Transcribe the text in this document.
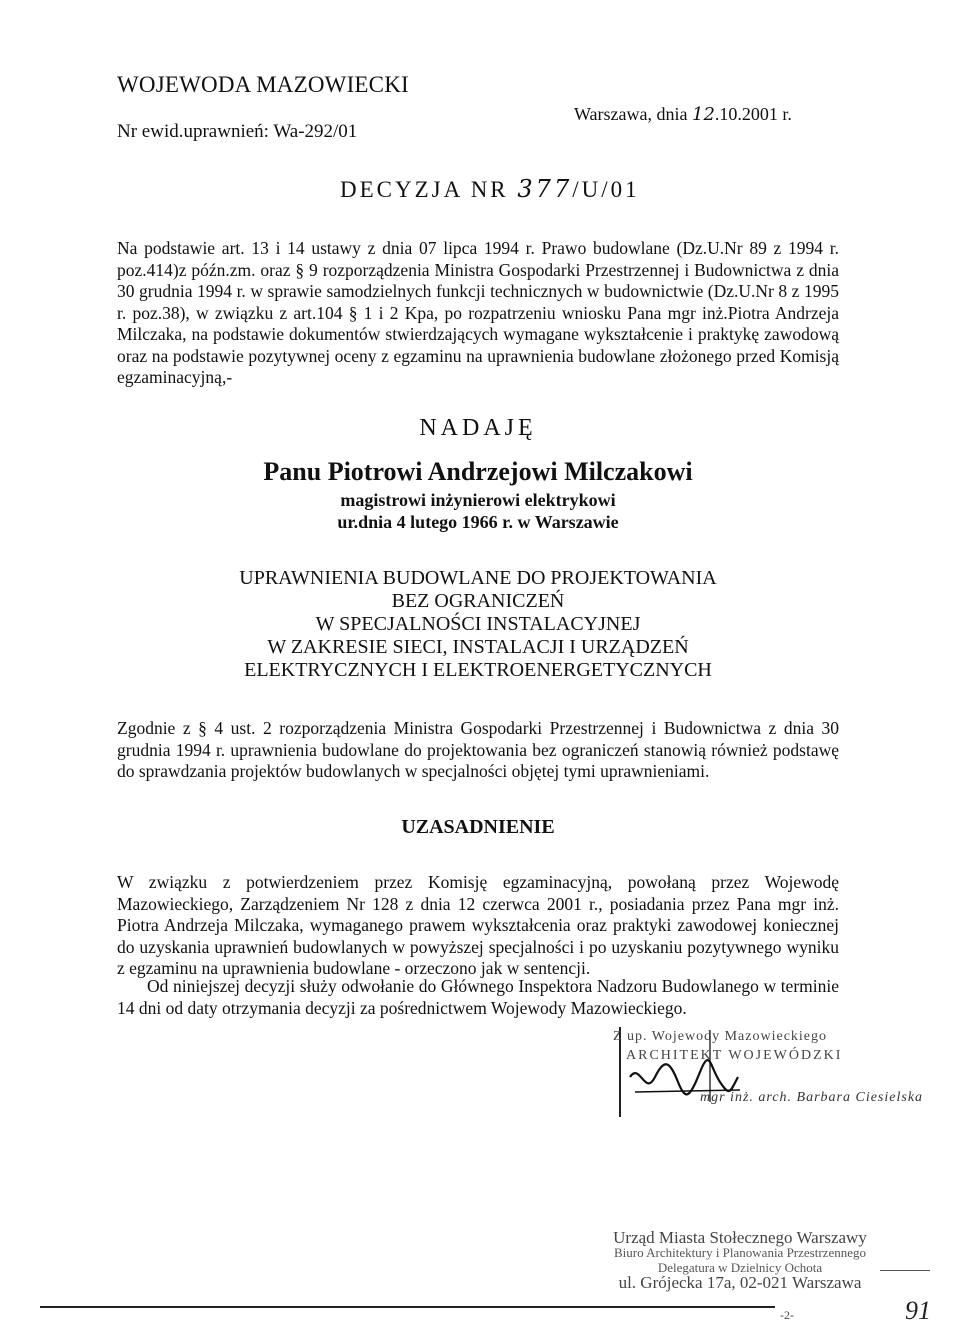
WOJEWODA MAZOWIECKI
Nr ewid.uprawnień: Wa-292/01
Warszawa, dnia 12.10.2001 r.
DECYZJA NR 377/U/01
Na podstawie art. 13 i 14 ustawy z dnia 07 lipca 1994 r. Prawo budowlane (Dz.U.Nr 89 z 1994 r. poz.414)z późn.zm. oraz § 9 rozporządzenia Ministra Gospodarki Przestrzennej i Budownictwa z dnia 30 grudnia 1994 r. w sprawie samodzielnych funkcji technicznych w budownictwie (Dz.U.Nr 8 z 1995 r. poz.38), w związku z art.104 § 1 i 2 Kpa, po rozpatrzeniu wniosku Pana mgr inż.Piotra Andrzeja Milczaka, na podstawie dokumentów stwierdzających wymagane wykształcenie i praktykę zawodową oraz na podstawie pozytywnej oceny z egzaminu na uprawnienia budowlane złożonego przed Komisją egzaminacyjną,-
NADAJĘ
Panu Piotrowi Andrzejowi Milczakowi
magistrowi inżynierowi elektrykowi
ur.dnia 4 lutego 1966 r. w Warszawie
UPRAWNIENIA BUDOWLANE DO PROJEKTOWANIA
BEZ OGRANICZEŃ
W SPECJALNOŚCI INSTALACYJNEJ
W ZAKRESIE SIECI, INSTALACJI I URZĄDZEŃ
ELEKTRYCZNYCH I ELEKTROENERGETYCZNYCH
Zgodnie z § 4 ust. 2 rozporządzenia Ministra Gospodarki Przestrzennej i Budownictwa z dnia 30 grudnia 1994 r. uprawnienia budowlane do projektowania bez ograniczeń stanowią również podstawę do sprawdzania projektów budowlanych w specjalności objętej tymi uprawnieniami.
UZASADNIENIE
W związku z potwierdzeniem przez Komisję egzaminacyjną, powołaną przez Wojewodę Mazowieckiego, Zarządzeniem Nr 128 z dnia 12 czerwca 2001 r., posiadania przez Pana mgr inż. Piotra Andrzeja Milczaka, wymaganego prawem wykształcenia oraz praktyki zawodowej koniecznej do uzyskania uprawnień budowlanych w powyższej specjalności i po uzyskaniu pozytywnego wyniku z egzaminu na uprawnienia budowlane - orzeczono jak w sentencji.
Od niniejszej decyzji służy odwołanie do Głównego Inspektora Nadzoru Budowlanego w terminie 14 dni od daty otrzymania decyzji za pośrednictwem Wojewody Mazowieckiego.
Z up. Wojewody Mazowieckiego
ARCHITEKT WOJEWÓDZKI
mgr inż. arch. Barbara Ciesielska
Urząd Miasta Stołecznego Warszawy
Biuro Architektury i Planowania Przestrzennego
Delegatura w Dzielnicy Ochota
ul. Grójecka 17a, 02-021 Warszawa
-2-	91
